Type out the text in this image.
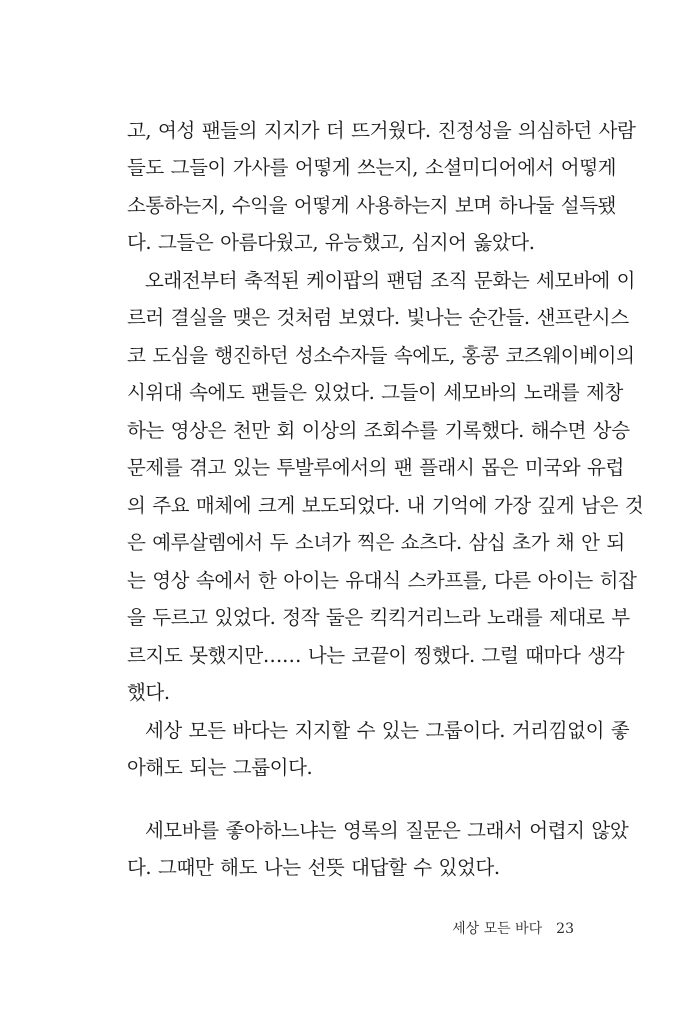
고, 여성 팬들의 지지가 더 뜨거웠다. 진정성을 의심하던 사람
들도 그들이 가사를 어떻게 쓰는지, 소셜미디어에서 어떻게
소통하는지, 수익을 어떻게 사용하는지 보며 하나둘 설득됐
다. 그들은 아름다웠고, 유능했고, 심지어 옳았다.
오래전부터 축적된 케이팝의 팬덤 조직 문화는 세모바에 이
르러 결실을 맺은 것처럼 보였다. 빛나는 순간들. 샌프란시스
코 도심을 행진하던 성소수자들 속에도, 홍콩 코즈웨이베이의
시위대 속에도 팬들은 있었다. 그들이 세모바의 노래를 제창
하는 영상은 천만 회 이상의 조회수를 기록했다. 해수면 상승
문제를 겪고 있는 투발루에서의 팬 플래시 몹은 미국와 유럽
의 주요 매체에 크게 보도되었다. 내 기억에 가장 깊게 남은 것
은 예루살렘에서 두 소녀가 찍은 쇼츠다. 삼십 초가 채 안 되
는 영상 속에서 한 아이는 유대식 스카프를, 다른 아이는 히잡
을 두르고 있었다. 정작 둘은 킥킥거리느라 노래를 제대로 부
르지도 못했지만…… 나는 코끝이 찡했다. 그럴 때마다 생각
했다.
세상 모든 바다는 지지할 수 있는 그룹이다. 거리낌없이 좋
아해도 되는 그룹이다.
세모바를 좋아하느냐는 영록의 질문은 그래서 어렵지 않았
다. 그때만 해도 나는 선뜻 대답할 수 있었다.
세상 모든 바다 23
